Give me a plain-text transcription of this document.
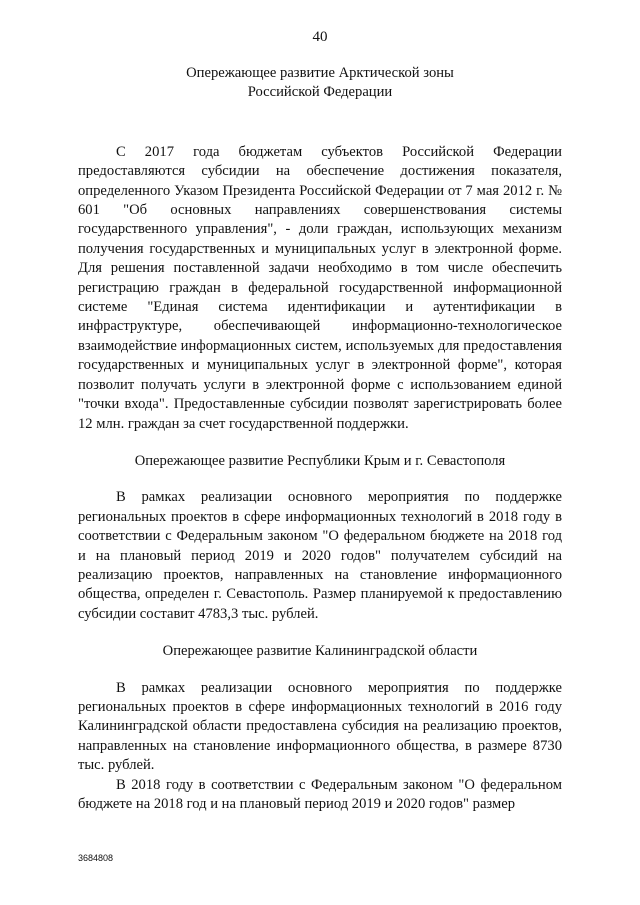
40
Опережающее развитие Арктической зоны
Российской Федерации

С 2017 года бюджетам субъектов Российской Федерации предоставляются субсидии на обеспечение достижения показателя, определенного Указом Президента Российской Федерации от 7 мая 2012 г. № 601 "Об основных направлениях совершенствования системы государственного управления", - доли граждан, использующих механизм получения государственных и муниципальных услуг в электронной форме. Для решения поставленной задачи необходимо в том числе обеспечить регистрацию граждан в федеральной государственной информационной системе "Единая система идентификации и аутентификации в инфраструктуре, обеспечивающей информационно-технологическое взаимодействие информационных систем, используемых для предоставления государственных и муниципальных услуг в электронной форме", которая позволит получать услуги в электронной форме с использованием единой "точки входа". Предоставленные субсидии позволят зарегистрировать более 12 млн. граждан за счет государственной поддержки.

Опережающее развитие Республики Крым и г. Севастополя

В рамках реализации основного мероприятия по поддержке региональных проектов в сфере информационных технологий в 2018 году в соответствии с Федеральным законом "О федеральном бюджете на 2018 год и на плановый период 2019 и 2020 годов" получателем субсидий на реализацию проектов, направленных на становление информационного общества, определен г. Севастополь. Размер планируемой к предоставлению субсидии составит 4783,3 тыс. рублей.

Опережающее развитие Калининградской области

В рамках реализации основного мероприятия по поддержке региональных проектов в сфере информационных технологий в 2016 году Калининградской области предоставлена субсидия на реализацию проектов, направленных на становление информационного общества, в размере 8730 тыс. рублей.

В 2018 году в соответствии с Федеральным законом "О федеральном бюджете на 2018 год и на плановый период 2019 и 2020 годов" размер

3684808
